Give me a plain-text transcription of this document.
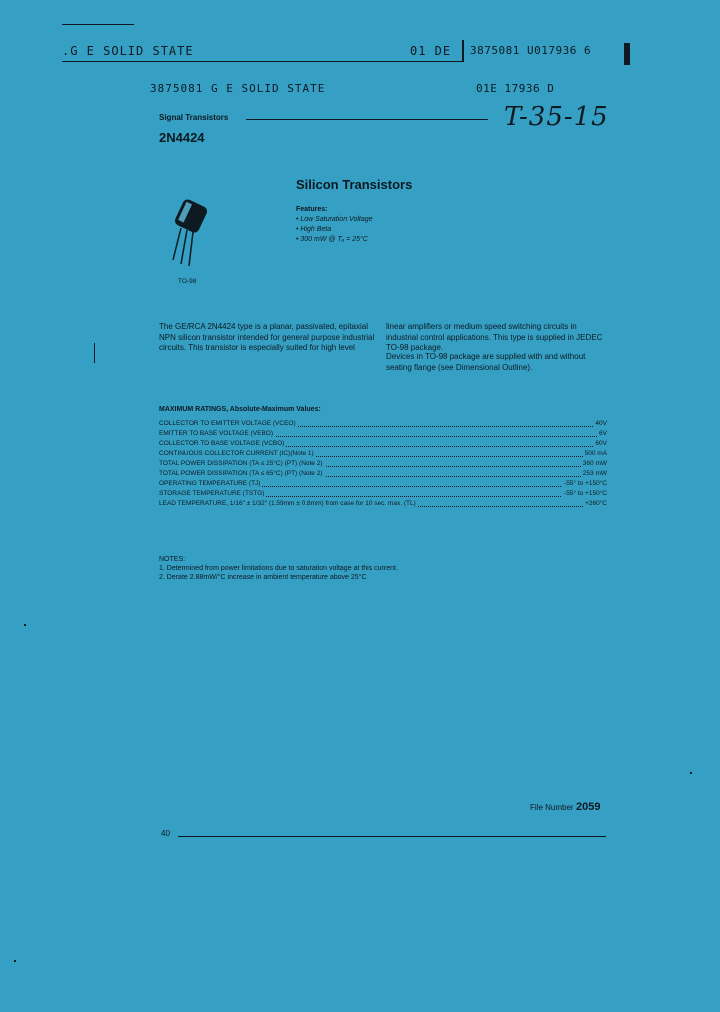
.G E SOLID STATE	01 DE 3875081 U017936 6
3875081 G E SOLID STATE	01E 17936 D
Signal Transistors	T-35-15
2N4424
Silicon Transistors
TO-98
Features:
• Low Saturation Voltage
• High Beta
• 300 mW @ Tₐ = 25°C
The GE/RCA 2N4424 type is a planar, passivated, epitaxial NPN silicon transistor intended for general purpose industrial circuits. This transistor is especially suited for high level
linear amplifiers or medium speed switching circuits in industrial control applications. This type is supplied in JEDEC TO-98 package.
Devices in TO-98 package are supplied with and without seating flange (see Dimensional Outline).
MAXIMUM RATINGS, Absolute-Maximum Values:
COLLECTOR TO EMITTER VOLTAGE (VCEO)	40V
EMITTER TO BASE VOLTAGE (VEBO)	6V
COLLECTOR TO BASE VOLTAGE (VCBO)	60V
CONTINUOUS COLLECTOR CURRENT (IC)(Note 1)	500 mA
TOTAL POWER DISSIPATION (TA ≤ 25°C) (PT) (Note 2)	360 mW
TOTAL POWER DISSIPATION (TA ≤ 65°C) (PT) (Note 2)	253 mW
OPERATING TEMPERATURE (TJ)	-55° to +150°C
STORAGE TEMPERATURE (TSTG)	-55° to +150°C
LEAD TEMPERATURE, 1/16" ± 1/32" (1.59mm ± 0.8mm) from case for 10 sec. max. (TL)	+260°C
NOTES:
1. Determined from power limitations due to saturation voltage at this current.
2. Derate 2.88mW/°C increase in ambient temperature above 25°C
File Number 2059
40
